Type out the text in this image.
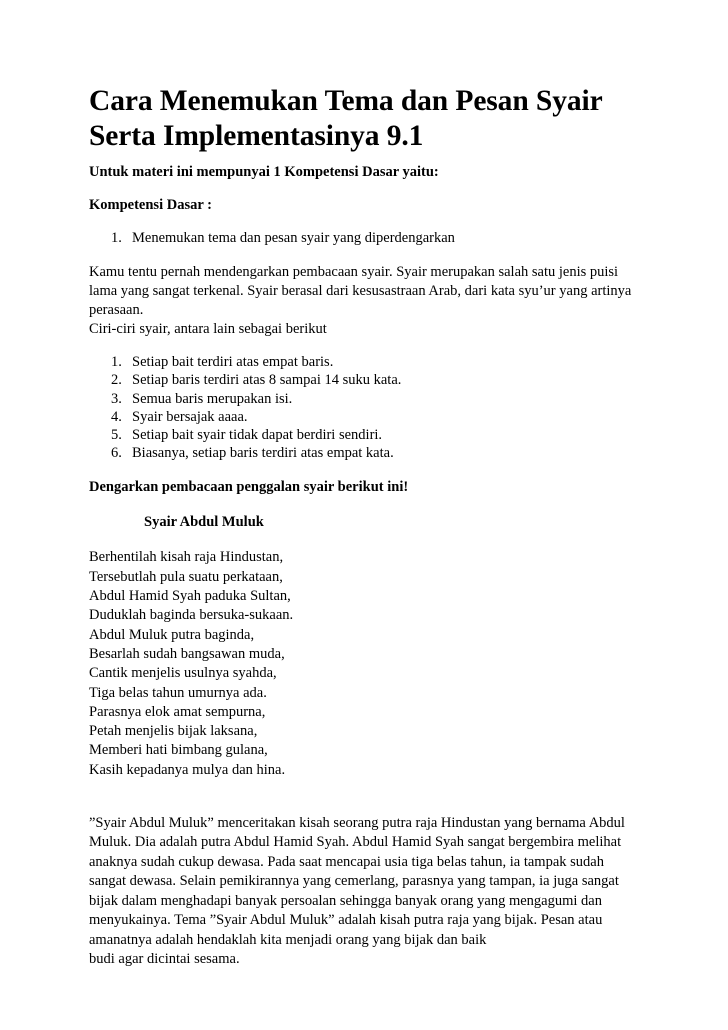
Cara Menemukan Tema dan Pesan Syair
Serta Implementasinya 9.1

Untuk materi ini mempunyai 1 Kompetensi Dasar yaitu:

Kompetensi Dasar :

1. Menemukan tema dan pesan syair yang diperdengarkan
Kamu tentu pernah mendengarkan pembacaan syair. Syair merupakan salah satu jenis puisi
lama yang sangat terkenal. Syair berasal dari kesusastraan Arab, dari kata syu’ur yang artinya
perasaan.
Ciri-ciri syair, antara lain sebagai berikut
1. Setiap bait terdiri atas empat baris.
2. Setiap baris terdiri atas 8 sampai 14 suku kata.
3. Semua baris merupakan isi.
4. Syair bersajak aaaa.
5. Setiap bait syair tidak dapat berdiri sendiri.
6. Biasanya, setiap baris terdiri atas empat kata.

Dengarkan pembacaan penggalan syair berikut ini!

Syair Abdul Muluk

Berhentilah kisah raja Hindustan,
Tersebutlah pula suatu perkataan,
Abdul Hamid Syah paduka Sultan,
Duduklah baginda bersuka-sukaan.
Abdul Muluk putra baginda,
Besarlah sudah bangsawan muda,
Cantik menjelis usulnya syahda,
Tiga belas tahun umurnya ada.
Parasnya elok amat sempurna,
Petah menjelis bijak laksana,
Memberi hati bimbang gulana,
Kasih kepadanya mulya dan hina.
”Syair Abdul Muluk” menceritakan kisah seorang putra raja Hindustan yang bernama Abdul
Muluk. Dia adalah putra Abdul Hamid Syah. Abdul Hamid Syah sangat bergembira melihat
anaknya sudah cukup dewasa. Pada saat mencapai usia tiga belas tahun, ia tampak sudah
sangat dewasa. Selain pemikirannya yang cemerlang, parasnya yang tampan, ia juga sangat
bijak dalam menghadapi banyak persoalan sehingga banyak orang yang mengagumi dan
menyukainya. Tema ”Syair Abdul Muluk” adalah kisah putra raja yang bijak. Pesan atau
amanatnya adalah hendaklah kita menjadi orang yang bijak dan baik
budi agar dicintai sesama.
